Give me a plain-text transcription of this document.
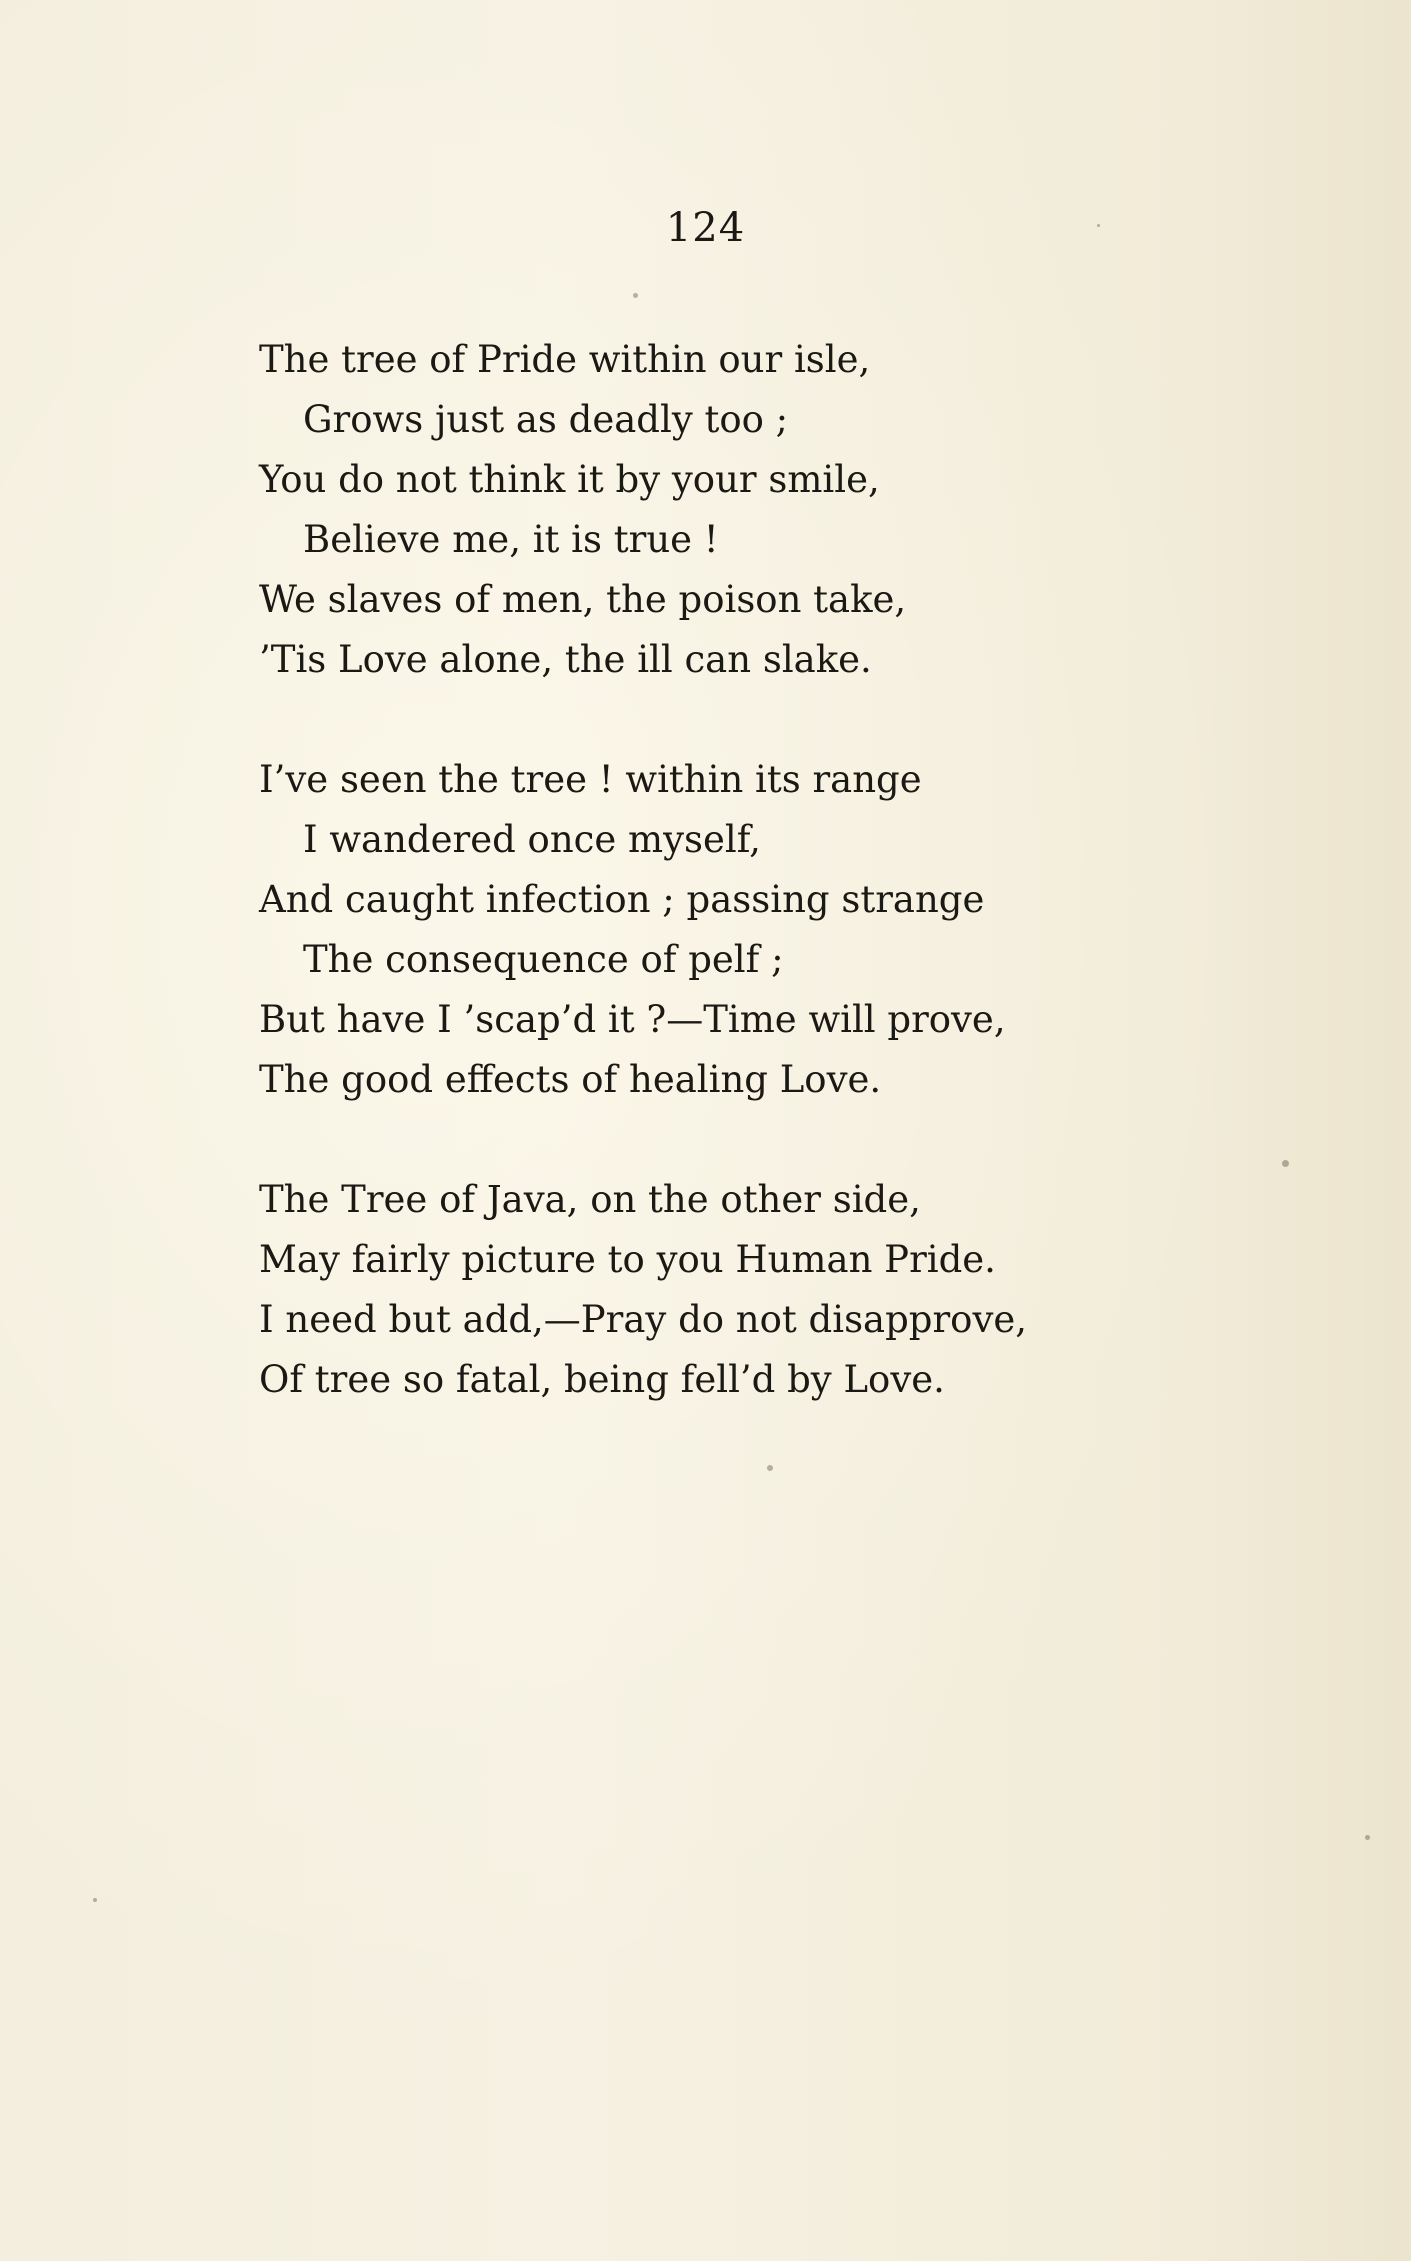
124
The tree of Pride within our isle,
Grows just as deadly too ;
You do not think it by your smile,
Believe me, it is true !
We slaves of men, the poison take,
’Tis Love alone, the ill can slake.
I’ve seen the tree ! within its range
I wandered once myself,
And caught infection ; passing strange
The consequence of pelf ;
But have I ’scap’d it ?—Time will prove,
The good effects of healing Love.
The Tree of Java, on the other side,
May fairly picture to you Human Pride.
I need but add,—Pray do not disapprove,
Of tree so fatal, being fell’d by Love.
